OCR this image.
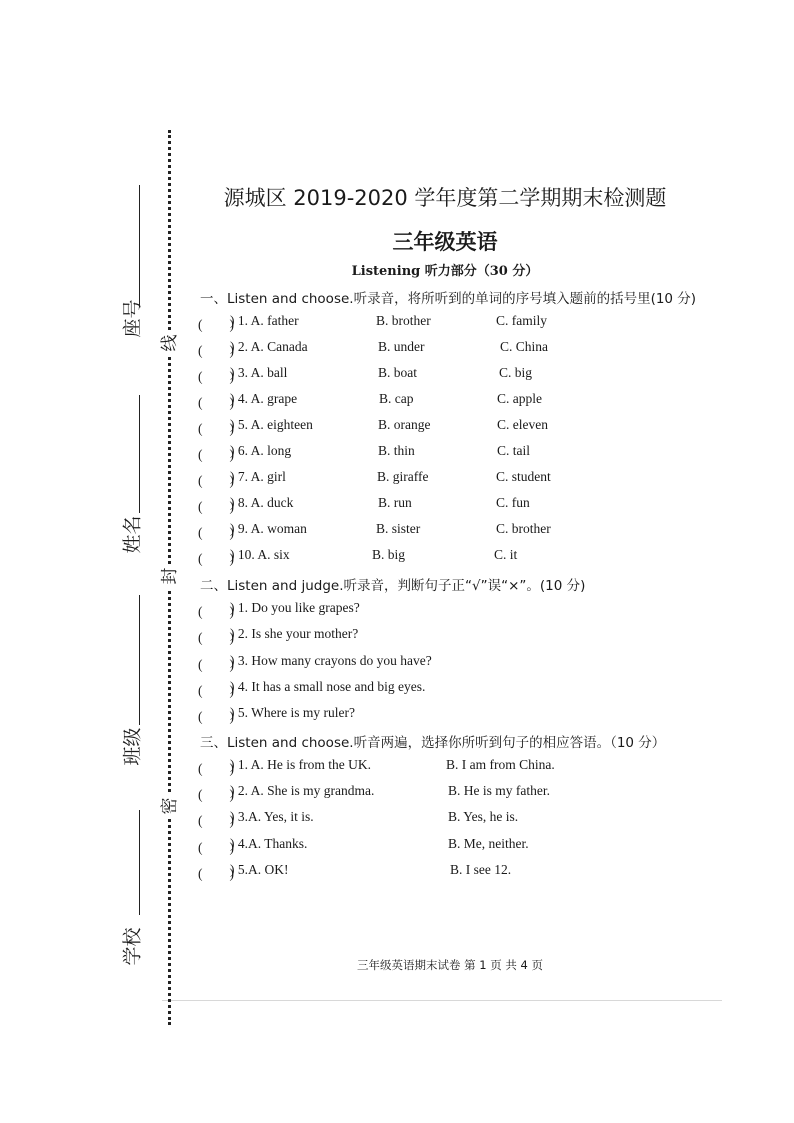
线
封
密
座号
姓名
班级
学校
源城区 2019-2020 学年度第二学期期末检测题
三年级英语
Listening 听力部分（30 分）
一、Listen and choose.听录音，将所听到的单词的序号填入题前的括号里(10 分)
(　　)
) 1. A. father	B. brother	C. family
(　　)
) 2. A. Canada	B. under	C. China
(　　)
) 3. A. ball	B. boat	C. big
(　　)
) 4. A. grape	B. cap	C. apple
(　　)
) 5. A. eighteen	B. orange	C. eleven
(　　)
) 6. A. long	B. thin	C. tail
(　　)
) 7. A. girl	B. giraffe	C. student
(　　)
) 8. A. duck	B. run	C. fun
(　　)
) 9. A. woman	B. sister	C. brother
(　　)
) 10. A. six	B. big	C. it
二、Listen and judge.听录音，判断句子正“√”误“×”。(10 分)
(　　)
) 1. Do you like grapes?
(　　)
) 2. Is she your mother?
(　　)
) 3. How many crayons do you have?
(　　)
) 4. It has a small nose and big eyes.
(　　)
) 5. Where is my ruler?
三、Listen and choose.听音两遍，选择你所听到句子的相应答语。（10 分）
(　　)
) 1. A. He is from the UK.	B. I am from China.
(　　)
) 2. A. She is my grandma.	B. He is my father.
(　　)
) 3.A. Yes, it is.	B. Yes, he is.
(　　)
) 4.A. Thanks.	B. Me, neither.
(　　)
) 5.A. OK!	B. I see 12.
三年级英语期末试卷 第 1 页 共 4 页
